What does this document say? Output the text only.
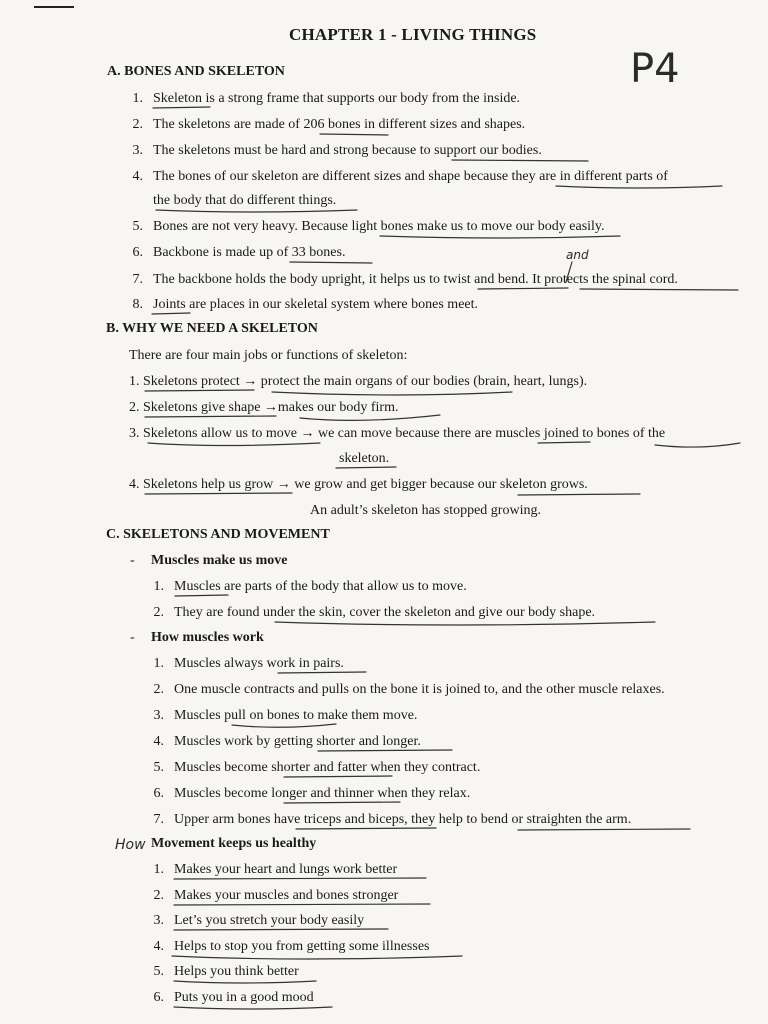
CHAPTER 1 - LIVING THINGS
P4
A. BONES AND SKELETON
1. Skeleton is a strong frame that supports our body from the inside.
2. The skeletons are made of 206 bones in different sizes and shapes.
3. The skeletons must be hard and strong because to support our bodies.
4. The bones of our skeleton are different sizes and shape because they are in different parts of
the body that do different things.
5. Bones are not very heavy. Because light bones make us to move our body easily.
6. Backbone is made up of 33 bones.	and
7. The backbone holds the body upright, it helps us to twist and bend. It protects the spinal cord.
8. Joints are places in our skeletal system where bones meet.
B. WHY WE NEED A SKELETON
There are four main jobs or functions of skeleton:
1. Skeletons protect → protect the main organs of our bodies (brain, heart, lungs).
2. Skeletons give shape →makes our body firm.
3. Skeletons allow us to move → we can move because there are muscles joined to bones of the
skeleton.
4. Skeletons help us grow → we grow and get bigger because our skeleton grows.
An adult’s skeleton has stopped growing.
C. SKELETONS AND MOVEMENT
- Muscles make us move
1. Muscles are parts of the body that allow us to move.
2. They are found under the skin, cover the skeleton and give our body shape.
- How muscles work
1. Muscles always work in pairs.
2. One muscle contracts and pulls on the bone it is joined to, and the other muscle relaxes.
3. Muscles pull on bones to make them move.
4. Muscles work by getting shorter and longer.
5. Muscles become shorter and fatter when they contract.
6. Muscles become longer and thinner when they relax.
7. Upper arm bones have triceps and biceps, they help to bend or straighten the arm.
How Movement keeps us healthy
1. Makes your heart and lungs work better
2. Makes your muscles and bones stronger
3. Let’s you stretch your body easily
4. Helps to stop you from getting some illnesses
5. Helps you think better
6. Puts you in a good mood
